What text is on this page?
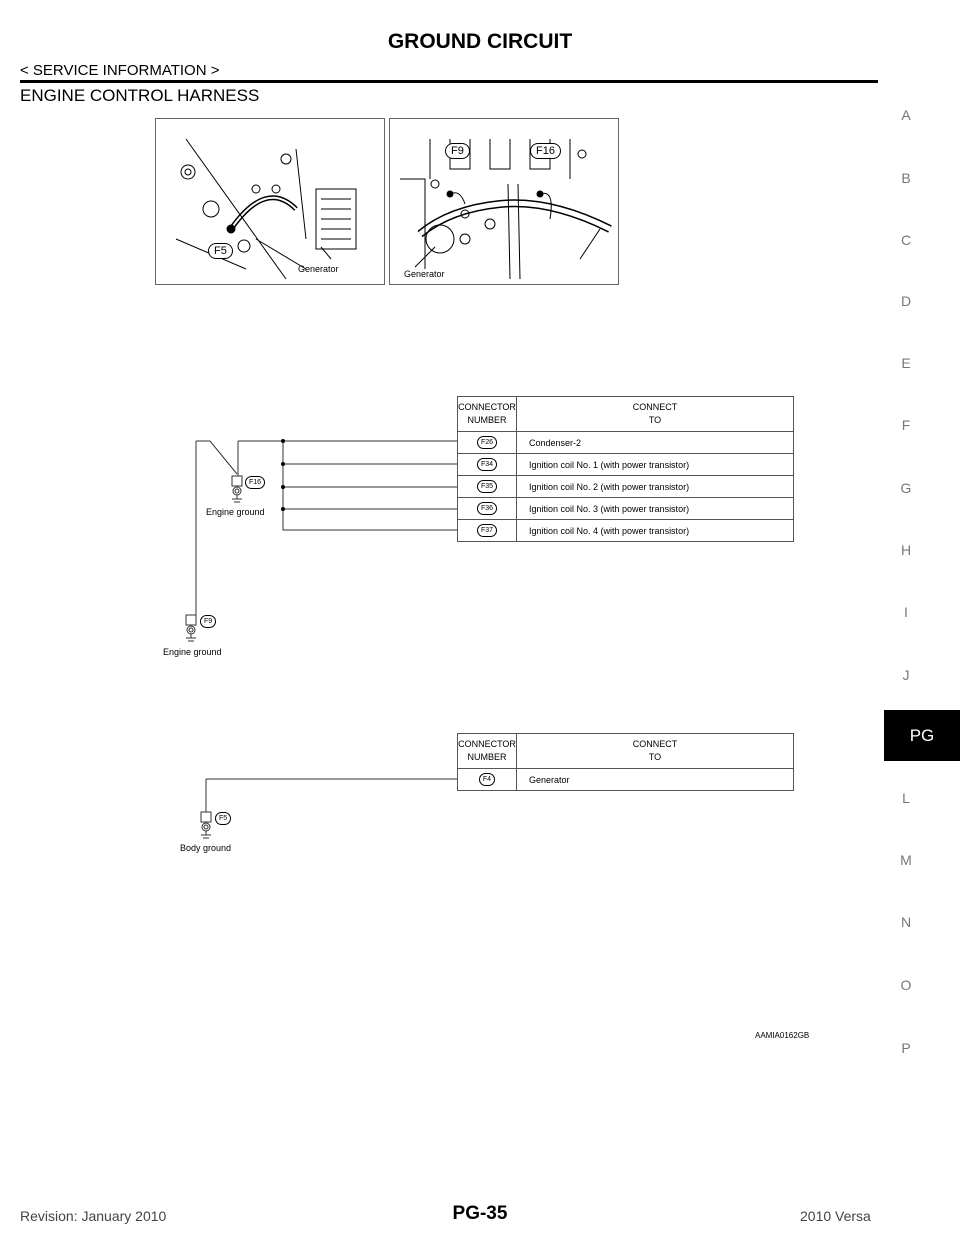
GROUND CIRCUIT
< SERVICE INFORMATION >
ENGINE CONTROL HARNESS
A
B
C
D
E
F
G
H
I
J
PG
L
M
N
O
P
F5
Generator
F9	F16
Generator
F16
Engine ground
F9
Engine ground
F5
Body ground
CONNECTOR
NUMBER	CONNECT
TO
F26	Condenser-2
F34	Ignition coil No. 1 (with power transistor)
F35	Ignition coil No. 2 (with power transistor)
F36	Ignition coil No. 3 (with power transistor)
F37	Ignition coil No. 4 (with power transistor)
CONNECTOR
NUMBER	CONNECT
TO
F4	Generator
AAMIA0162GB
Revision: January 2010	PG-35	2010 Versa
